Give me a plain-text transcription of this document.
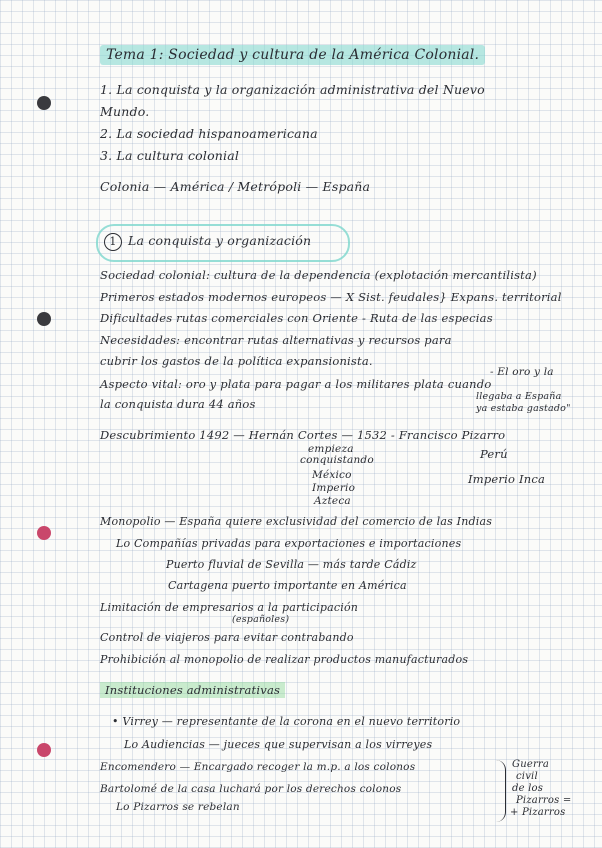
Tema 1: Sociedad y cultura de la América Colonial.
1. La conquista y la organización administrativa del Nuevo
Mundo.
2. La sociedad hispanoamericana
3. La cultura colonial
Colonia — América / Metrópoli — España
1 La conquista y organización
Sociedad colonial: cultura de la dependencia (explotación mercantilista)
Primeros estados modernos europeos — X Sist. feudales} Expans. territorial
Dificultades rutas comerciales con Oriente - Ruta de las especias
Necesidades: encontrar rutas alternativas y recursos para
cubrir los gastos de la política expansionista.
- El oro y la
Aspecto vital: oro y plata para pagar a los militares plata cuando
llegaba a España
la conquista dura 44 años	ya estaba gastado"
Descubrimiento 1492 — Hernán Cortes — 1532 - Francisco Pizarro
empieza
conquistando
México
Imperio
Azteca
Perú
Imperio Inca
Monopolio — España quiere exclusividad del comercio de las Indias
Lo Compañías privadas para exportaciones e importaciones
Puerto fluvial de Sevilla — más tarde Cádiz
Cartagena puerto importante en América
Limitación de empresarios a la participación
(españoles)
Control de viajeros para evitar contrabando
Prohibición al monopolio de realizar productos manufacturados
Instituciones administrativas
• Virrey — representante de la corona en el nuevo territorio
Lo Audiencias — jueces que supervisan a los virreyes
Encomendero — Encargado recoger la m.p. a los colonos
Bartolomé de la casa luchará por los derechos colonos
Lo Pizarros se rebelan
Guerra
civil
de los
Pizarros =
+ Pizarros
